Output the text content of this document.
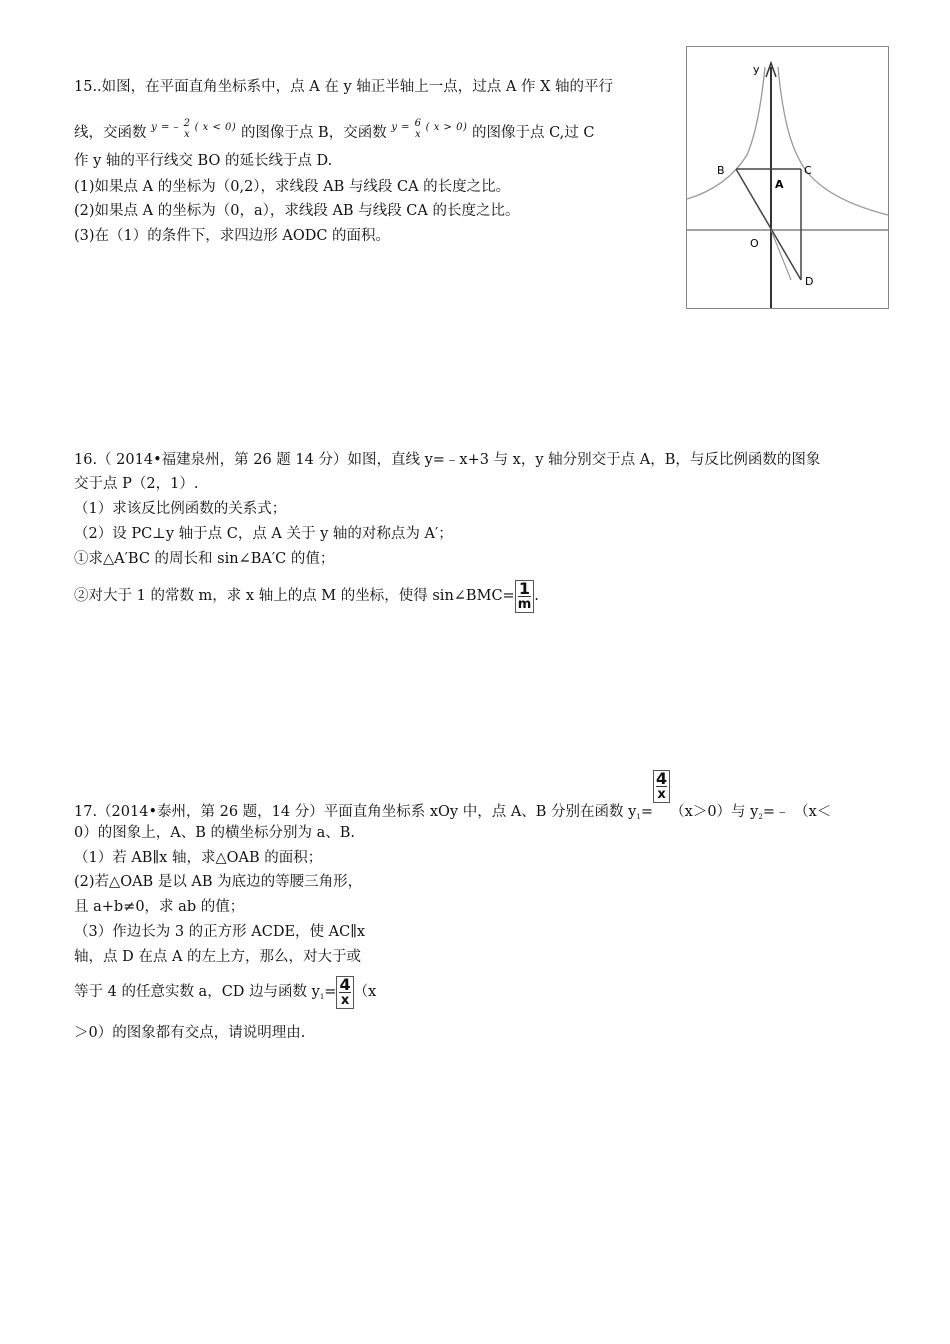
15..如图，在平面直角坐标系中，点 A 在 y 轴正半轴上一点，过点 A 作 X 轴的平行
线，交函数 $^{y = -}$ 2
x
$^{( x < 0)}$ 的图像于点 B，交函数 $^{y =}$ 6
x
$^{( x > 0)}$ 的图像于点 C,过 C
作 y 轴的平行线交 BO 的延长线于点 D.
(1)如果点 A 的坐标为（0,2），求线段 AB 与线段 CA 的长度之比。
(2)如果点 A 的坐标为（0，a），求线段 AB 与线段 CA 的长度之比。
(3)在（1）的条件下，求四边形 AODC 的面积。
y
B	C
A
O
D
16.（ 2014•福建泉州，第 26 题 14 分）如图，直线 y=﹣x+3 与 x，y 轴分别交于点 A，B，与反比例函数的图象
交于点 P（2，1）.
（1）求该反比例函数的关系式；
（2）设 PC⊥y 轴于点 C，点 A 关于 y 轴的对称点为 A′；
①求△A′BC 的周长和 sin∠BA′C 的值；
②对大于 1 的常数 m，求 x 轴上的点 M 的坐标，使得 sin∠BMC= $\frac{1}{m}$ .
17.（2014•泰州，第 26 题，14 分）平面直角坐标系 xOy 中，点 A、B 分别在函数 $y_1=$
$\frac{4}{x}$
（x＞0）与 $y_2=﹣$ （x＜
0）的图象上，A、B 的横坐标分别为 a、B.
（1）若 AB∥x 轴，求△OAB 的面积；
(2)若△OAB 是以 AB 为底边的等腰三角形，
且 a+b≠0，求 ab 的值；
（3）作边长为 3 的正方形 ACDE，使 AC∥x
轴，点 D 在点 A 的左上方，那么，对大于或
等于 4 的任意实数 a，CD 边与函数 $y_1= \frac{4}{x} (x$
＞0）的图象都有交点，请说明理由.
